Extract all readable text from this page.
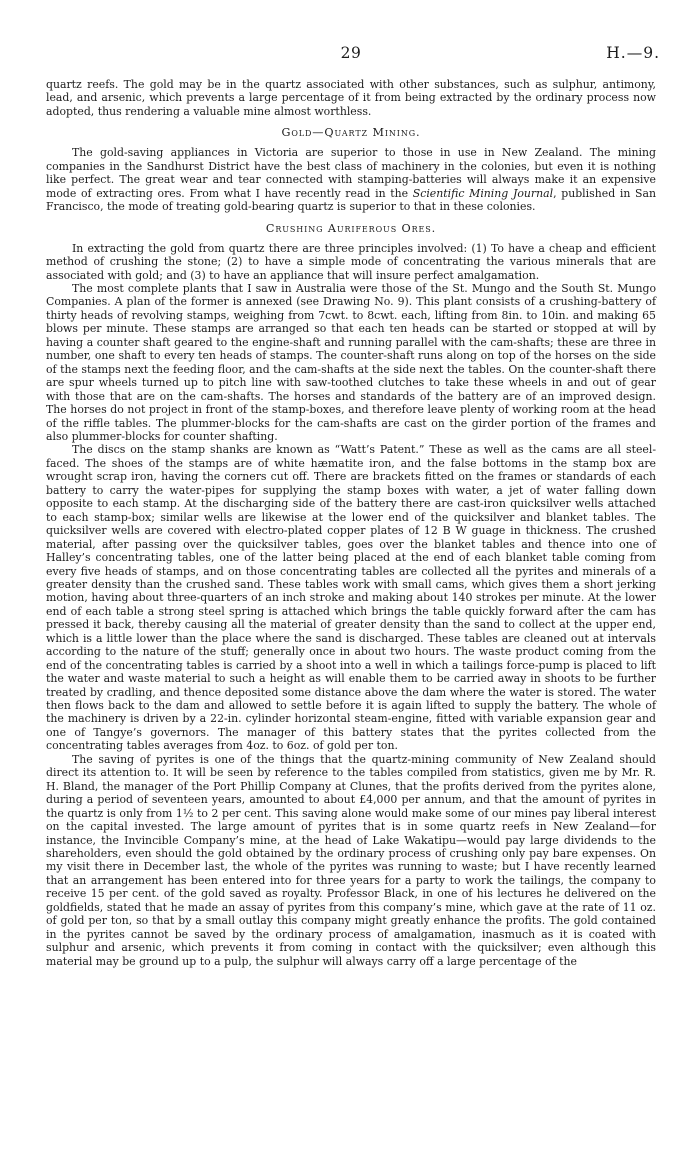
29	H.—9.

quartz reefs. The gold may be in the quartz associated with other substances, such as sulphur, antimony, lead, and arsenic, which prevents a large percentage of it from being extracted by the ordinary process now adopted, thus rendering a valuable mine almost worthless.

Gold—Quartz Mining.

The gold-saving appliances in Victoria are superior to those in use in New Zealand. The mining companies in the Sandhurst District have the best class of machinery in the colonies, but even it is nothing like perfect. The great wear and tear connected with stamping-batteries will always make it an expensive mode of extracting ores. From what I have recently read in the Scientific Mining Journal, published in San Francisco, the mode of treating gold-bearing quartz is superior to that in these colonies.

Crushing Auriferous Ores.

In extracting the gold from quartz there are three principles involved: (1) To have a cheap and efficient method of crushing the stone; (2) to have a simple mode of concentrating the various minerals that are associated with gold; and (3) to have an appliance that will insure perfect amalgamation.

The most complete plants that I saw in Australia were those of the St. Mungo and the South St. Mungo Companies. A plan of the former is annexed (see Drawing No. 9). This plant consists of a crushing-battery of thirty heads of revolving stamps, weighing from 7cwt. to 8cwt. each, lifting from 8in. to 10in. and making 65 blows per minute. These stamps are arranged so that each ten heads can be started or stopped at will by having a counter shaft geared to the engine-shaft and running parallel with the cam-shafts; these are three in number, one shaft to every ten heads of stamps. The counter-shaft runs along on top of the horses on the side of the stamps next the feeding floor, and the cam-shafts at the side next the tables. On the counter-shaft there are spur wheels turned up to pitch line with saw-toothed clutches to take these wheels in and out of gear with those that are on the cam-shafts. The horses and standards of the battery are of an improved design. The horses do not project in front of the stamp-boxes, and therefore leave plenty of working room at the head of the riffle tables. The plummer-blocks for the cam-shafts are cast on the girder portion of the frames and also plummer-blocks for counter shafting.

The discs on the stamp shanks are known as “Watt’s Patent.” These as well as the cams are all steel-faced. The shoes of the stamps are of white hæmatite iron, and the false bottoms in the stamp box are wrought scrap iron, having the corners cut off. There are brackets fitted on the frames or standards of each battery to carry the water-pipes for supplying the stamp boxes with water, a jet of water falling down opposite to each stamp. At the discharging side of the battery there are cast-iron quicksilver wells attached to each stamp-box; similar wells are likewise at the lower end of the quicksilver and blanket tables. The quicksilver wells are covered with electro-plated copper plates of 12 B W guage in thickness. The crushed material, after passing over the quicksilver tables, goes over the blanket tables and thence into one of Halley’s concentrating tables, one of the latter being placed at the end of each blanket table coming from every five heads of stamps, and on those concentrating tables are collected all the pyrites and minerals of a greater density than the crushed sand. These tables work with small cams, which gives them a short jerking motion, having about three-quarters of an inch stroke and making about 140 strokes per minute. At the lower end of each table a strong steel spring is attached which brings the table quickly forward after the cam has pressed it back, thereby causing all the material of greater density than the sand to collect at the upper end, which is a little lower than the place where the sand is discharged. These tables are cleaned out at intervals according to the nature of the stuff; generally once in about two hours. The waste product coming from the end of the concentrating tables is carried by a shoot into a well in which a tailings force-pump is placed to lift the water and waste material to such a height as will enable them to be carried away in shoots to be further treated by cradling, and thence deposited some distance above the dam where the water is stored. The water then flows back to the dam and allowed to settle before it is again lifted to supply the battery. The whole of the machinery is driven by a 22-in. cylinder horizontal steam-engine, fitted with variable expansion gear and one of Tangye’s governors. The manager of this battery states that the pyrites collected from the concentrating tables averages from 4oz. to 6oz. of gold per ton.

The saving of pyrites is one of the things that the quartz-mining community of New Zealand should direct its attention to. It will be seen by reference to the tables compiled from statistics, given me by Mr. R. H. Bland, the manager of the Port Phillip Company at Clunes, that the profits derived from the pyrites alone, during a period of seventeen years, amounted to about £4,000 per annum, and that the amount of pyrites in the quartz is only from 1½ to 2 per cent. This saving alone would make some of our mines pay liberal interest on the capital invested. The large amount of pyrites that is in some quartz reefs in New Zealand—for instance, the Invincible Company’s mine, at the head of Lake Wakatipu—would pay large dividends to the shareholders, even should the gold obtained by the ordinary process of crushing only pay bare expenses. On my visit there in December last, the whole of the pyrites was running to waste; but I have recently learned that an arrangement has been entered into for three years for a party to work the tailings, the company to receive 15 per cent. of the gold saved as royalty. Professor Black, in one of his lectures he delivered on the goldfields, stated that he made an assay of pyrites from this company’s mine, which gave at the rate of 11 oz. of gold per ton, so that by a small outlay this company might greatly enhance the profits. The gold contained in the pyrites cannot be saved by the ordinary process of amalgamation, inasmuch as it is coated with sulphur and arsenic, which prevents it from coming in contact with the quicksilver; even although this material may be ground up to a pulp, the sulphur will always carry off a large percentage of the
